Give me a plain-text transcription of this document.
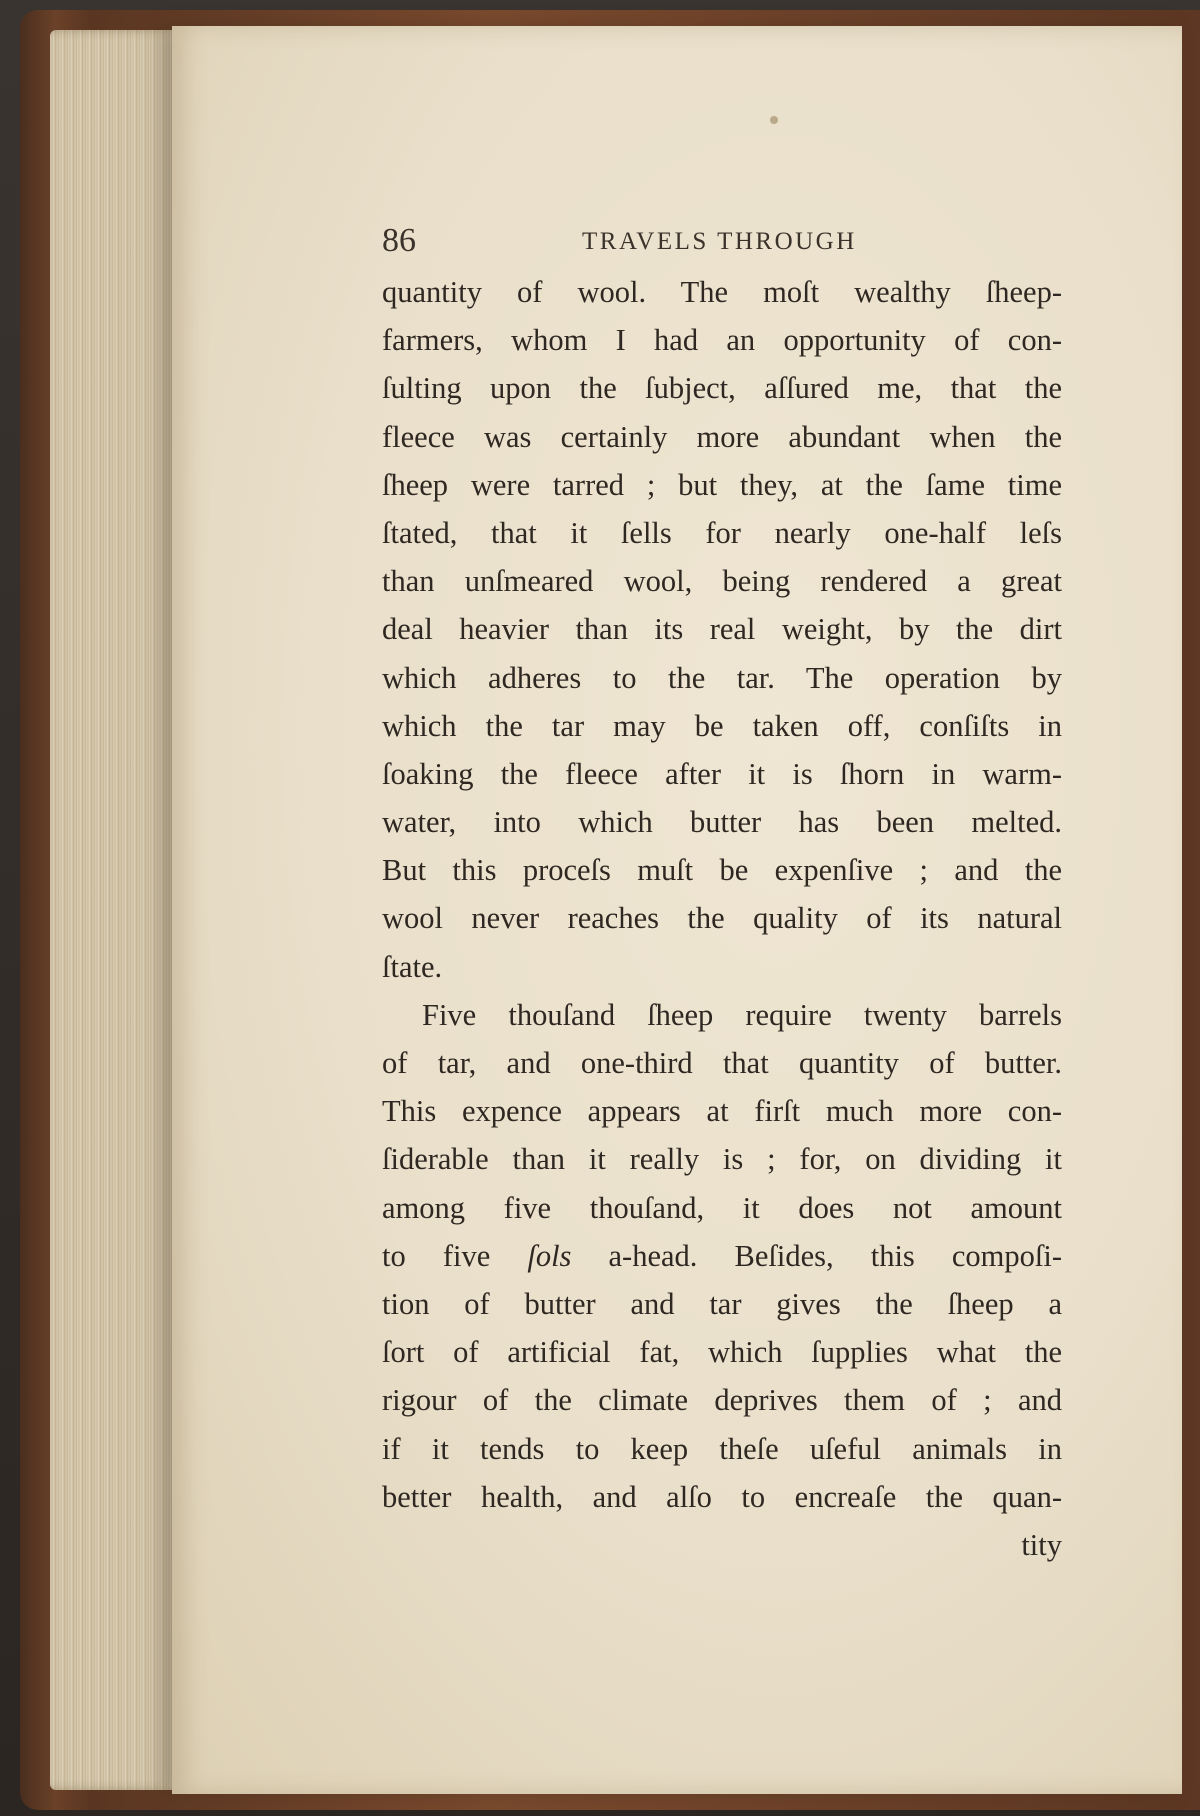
86	TRAVELS THROUGH
quantity of wool. The moſt wealthy ſheep-
farmers, whom I had an opportunity of con-
ſulting upon the ſubject, aſſured me, that the
fleece was certainly more abundant when the
ſheep were tarred ; but they, at the ſame time
ſtated, that it ſells for nearly one-half leſs
than unſmeared wool, being rendered a great
deal heavier than its real weight, by the dirt
which adheres to the tar. The operation by
which the tar may be taken off, conſiſts in
ſoaking the fleece after it is ſhorn in warm-
water, into which butter has been melted.
But this proceſs muſt be expenſive ; and the
wool never reaches the quality of its natural
ſtate.
Five thouſand ſheep require twenty barrels
of tar, and one-third that quantity of butter.
This expence appears at firſt much more con-
ſiderable than it really is ; for, on dividing it
among five thouſand, it does not amount
to five ſols a-head. Beſides, this compoſi-
tion of butter and tar gives the ſheep a
ſort of artificial fat, which ſupplies what the
rigour of the climate deprives them of ; and
if it tends to keep theſe uſeful animals in
better health, and alſo to encreaſe the quan-
tity
